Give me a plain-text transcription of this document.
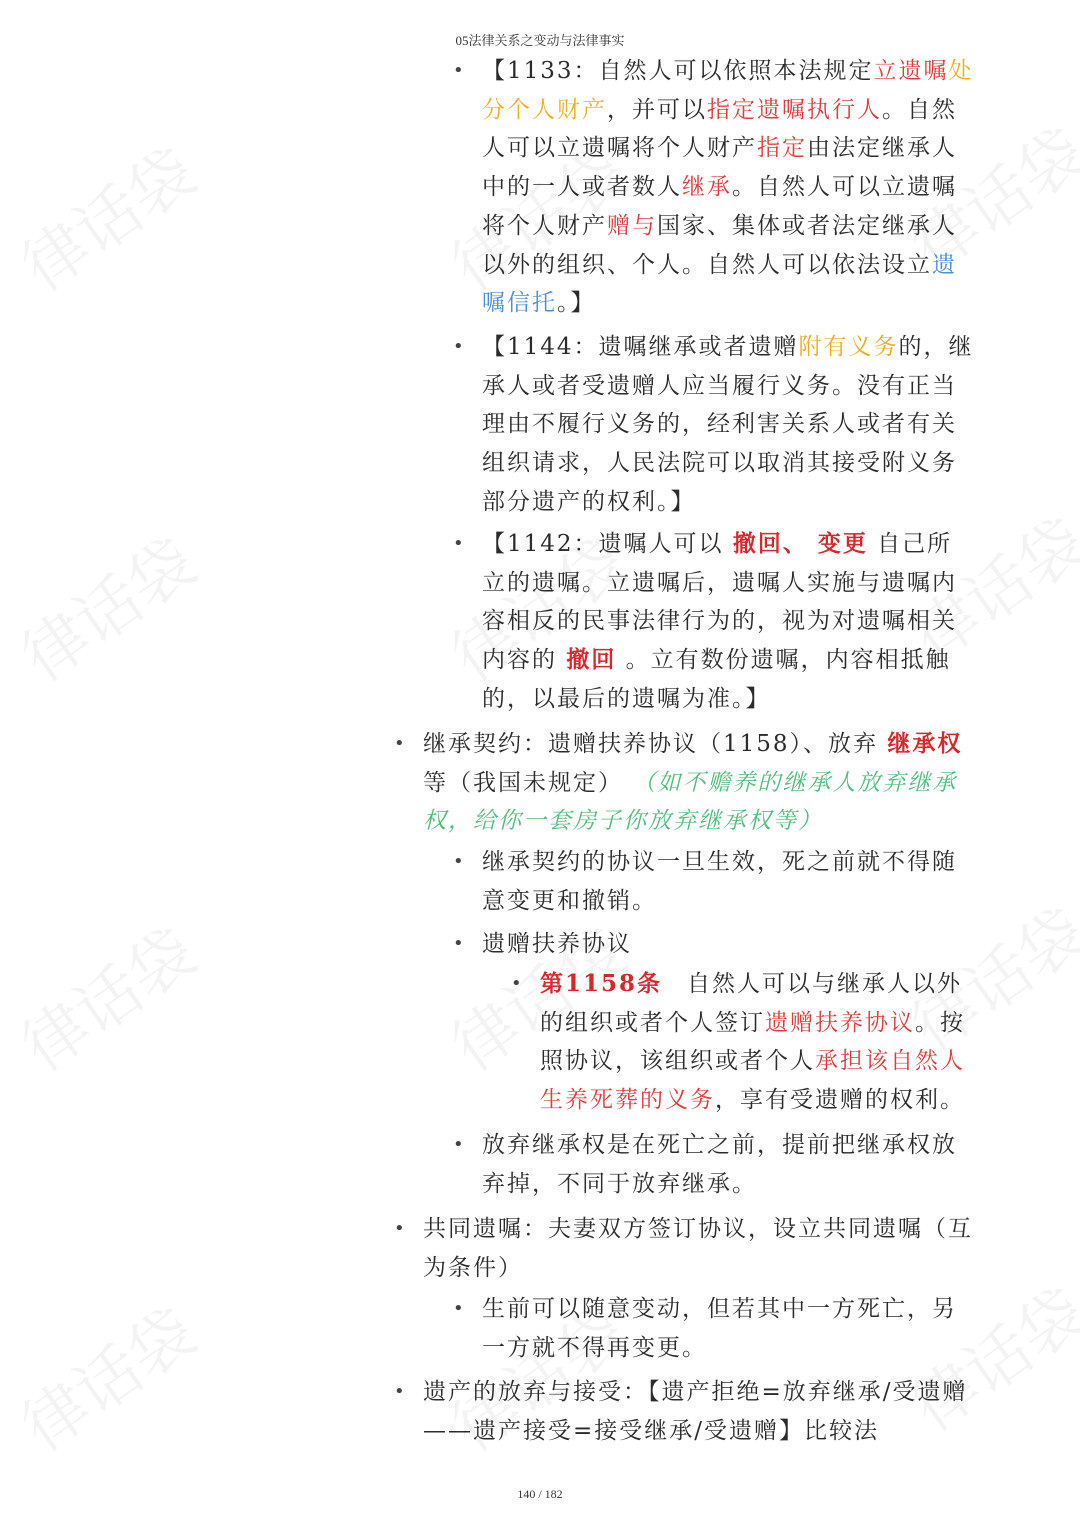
05法律关系之变动与法律事实
• 【1133：自然人可以依照本法规定立遗嘱处分个人财产，并可以指定遗嘱执行人。自然人可以立遗嘱将个人财产指定由法定继承人中的一人或者数人继承。自然人可以立遗嘱将个人财产赠与国家、集体或者法定继承人以外的组织、个人。自然人可以依法设立遗嘱信托。】
• 【1144：遗嘱继承或者遗赠附有义务的，继承人或者受遗赠人应当履行义务。没有正当理由不履行义务的，经利害关系人或者有关组织请求，人民法院可以取消其接受附义务部分遗产的权利。】
• 【1142：遗嘱人可以 撤回、 变更 自己所立的遗嘱。立遗嘱后，遗嘱人实施与遗嘱内容相反的民事法律行为的，视为对遗嘱相关内容的 撤回 。立有数份遗嘱，内容相抵触的，以最后的遗嘱为准。】
• 继承契约：遗赠扶养协议（1158）、放弃 继承权 等（我国未规定） （如不赡养的继承人放弃继承权，给你一套房子你放弃继承权等）
• 继承契约的协议一旦生效，死之前就不得随意变更和撤销。
• 遗赠扶养协议
• 第1158条　自然人可以与继承人以外的组织或者个人签订遗赠扶养协议。按照协议，该组织或者个人承担该自然人生养死葬的义务，享有受遗赠的权利。
• 放弃继承权是在死亡之前，提前把继承权放弃掉，不同于放弃继承。
• 共同遗嘱：夫妻双方签订协议，设立共同遗嘱（互为条件）
• 生前可以随意变动，但若其中一方死亡，另一方就不得再变更。
• 遗产的放弃与接受：【遗产拒绝=放弃继承/受遗赠——遗产接受=接受继承/受遗赠】比较法
140 / 182
